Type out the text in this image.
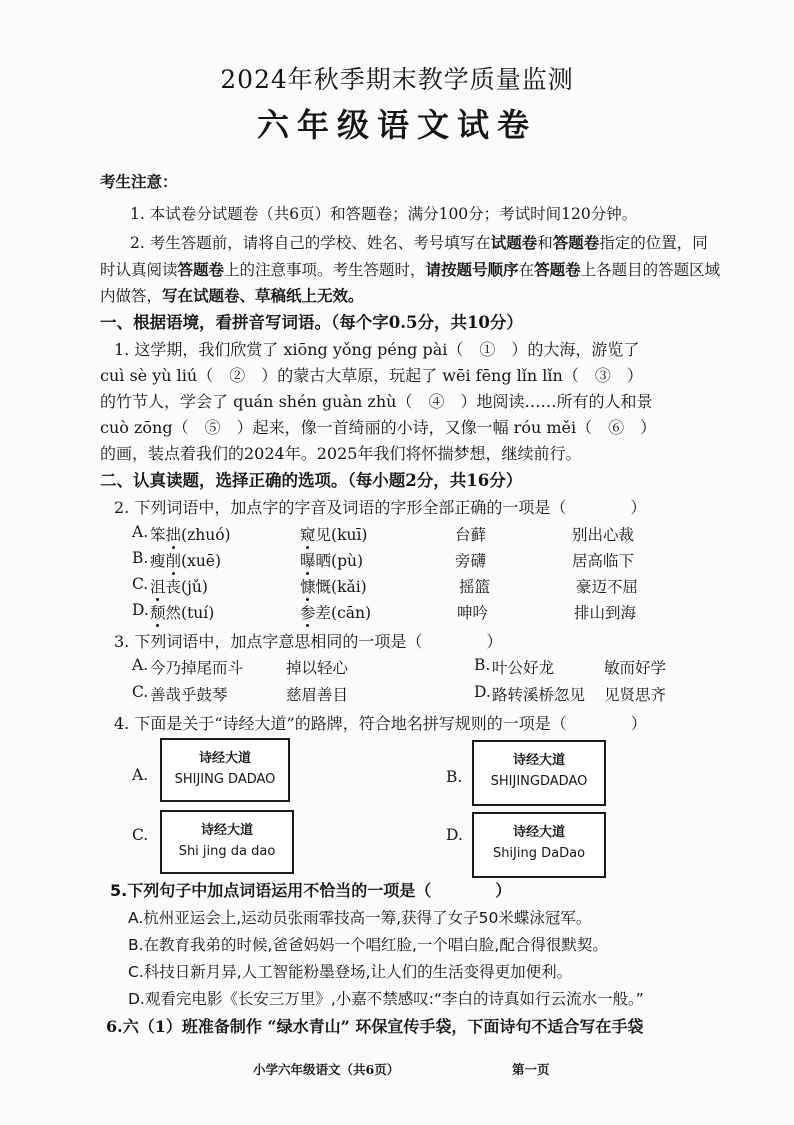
2024年秋季期末教学质量监测
六年级语文试卷
考生注意：
1. 本试卷分试题卷（共6页）和答题卷；满分100分；考试时间120分钟。
2. 考生答题前，请将自己的学校、姓名、考号填写在试题卷和答题卷指定的位置，同
时认真阅读答题卷上的注意事项。考生答题时，请按题号顺序在答题卷上各题目的答题区域
内做答，写在试题卷、草稿纸上无效。
一、根据语境，看拼音写词语。（每个字0.5分，共10分）
1. 这学期，我们欣赏了 xiōng yǒng péng pài（　①　）的大海，游览了
cuì sè yù liú（　②　）的蒙古大草原，玩起了 wēi fēng lǐn lǐn（　③　）
的竹节人，学会了 quán shén guàn zhù（　④　）地阅读……所有的人和景
cuò zōng（　⑤　）起来，像一首绮丽的小诗，又像一幅 róu měi（　⑥　）
的画，装点着我们的2024年。2025年我们将怀揣梦想，继续前行。
二、认真读题，选择正确的选项。（每小题2分，共16分）
2. 下列词语中，加点字的字音及词语的字形全部正确的一项是（　　　　）
A. 笨拙(zhuó)	窥见(kuī)	台藓	别出心裁
B. 瘦削(xuē)	曝晒(pù)	旁礴	居高临下
C. 沮丧(jǔ)	慷慨(kǎi)	摇篮	豪迈不屈
D. 颓然(tuí)	参差(cān)	呻吟	排山到海
3. 下列词语中，加点字意思相同的一项是（　　　　）
A. 今乃掉尾而斗	掉以轻心	B. 叶公好龙	敏而好学
C. 善哉乎鼓琴	慈眉善目	D. 路转溪桥忽见 见贤思齐
4. 下面是关于“诗经大道”的路牌，符合地名拼写规则的一项是（　　　　）
A.
诗经大道
SHIJING DADAO	B.
诗经大道
SHIJINGDADAO
C.	诗经大道
Shi jing da dao
D.	诗经大道
ShiJing DaDao
5.下列句子中加点词语运用不恰当的一项是（　　　　）
A.杭州亚运会上,运动员张雨霏技高一筹,获得了女子50米蝶泳冠军。
B.在教育我弟的时候,爸爸妈妈一个唱红脸,一个唱白脸,配合得很默契。
C.科技日新月异,人工智能粉墨登场,让人们的生活变得更加便利。
D.观看完电影《长安三万里》,小嘉不禁感叹:“李白的诗真如行云流水一般。”
6.六（1）班准备制作 “绿水青山” 环保宣传手袋，下面诗句不适合写在手袋
小学六年级语文（共6页）	第一页
